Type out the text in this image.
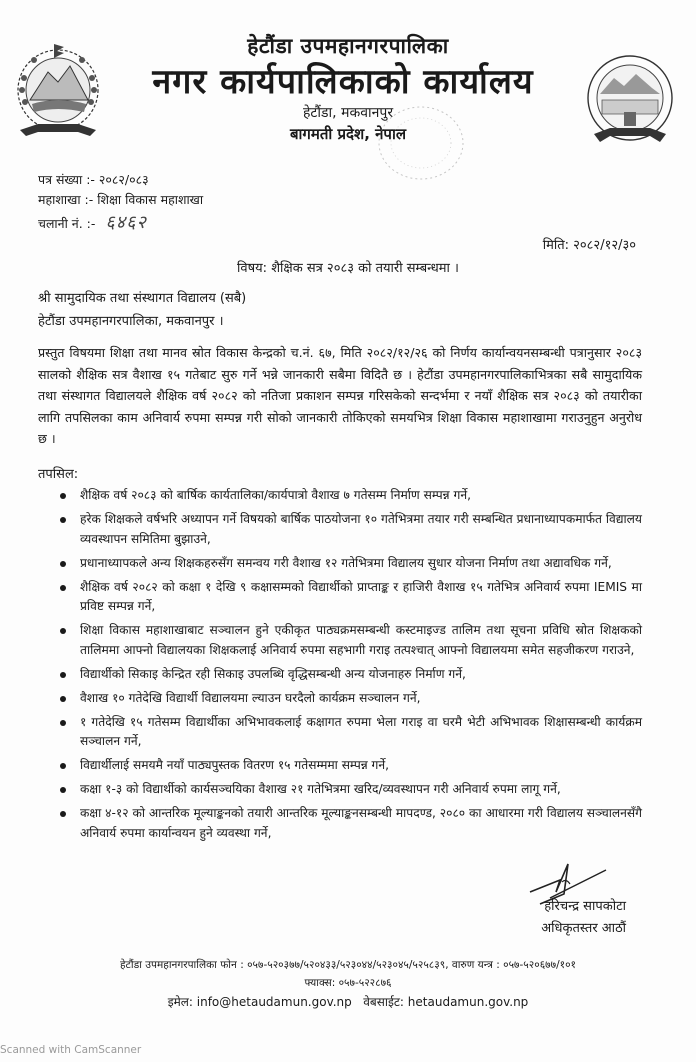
हेटौंडा उपमहानगरपालिका
नगर कार्यपालिकाको कार्यालय
हेटौंडा, मकवानपुर
बागमती प्रदेश, नेपाल
पत्र संख्या :- २०८२/०८३
महाशाखा :- शिक्षा विकास महाशाखा
चलानी नं. :- ६४६२
मिति: २०८२/१२/३०
विषय: शैक्षिक सत्र २०८३ को तयारी सम्बन्धमा ।
श्री सामुदायिक तथा संस्थागत विद्यालय (सबै)
हेटौंडा उपमहानगरपालिका, मकवानपुर ।
प्रस्तुत विषयमा शिक्षा तथा मानव स्रोत विकास केन्द्रको च.नं. ६७, मिति २०८२/१२/२६ को निर्णय कार्यान्वयनसम्बन्धी पत्रानुसार २०८३ सालको शैक्षिक सत्र वैशाख १५ गतेबाट सुरु गर्ने भन्ने जानकारी सबैमा विदितै छ । हेटौंडा उपमहानगरपालिकाभित्रका सबै सामुदायिक तथा संस्थागत विद्यालयले शैक्षिक वर्ष २०८२ को नतिजा प्रकाशन सम्पन्न गरिसकेको सन्दर्भमा र नयाँ शैक्षिक सत्र २०८३ को तयारीका लागि तपसिलका काम अनिवार्य रुपमा सम्पन्न गरी सोको जानकारी तोकिएको समयभित्र शिक्षा विकास महाशाखामा गराउनुहुन अनुरोध छ ।
तपसिल:
शैक्षिक वर्ष २०८३ को बार्षिक कार्यतालिका/कार्यपात्रो वैशाख ७ गतेसम्म निर्माण सम्पन्न गर्ने,
हरेक शिक्षकले वर्षभरि अध्यापन गर्ने विषयको बार्षिक पाठयोजना १० गतेभित्रमा तयार गरी सम्बन्धित प्रधानाध्यापकमार्फत विद्यालय व्यवस्थापन समितिमा बुझाउने,
प्रधानाध्यापकले अन्य शिक्षकहरुसँग समन्वय गरी वैशाख १२ गतेभित्रमा विद्यालय सुधार योजना निर्माण तथा अद्यावधिक गर्ने,
शैक्षिक वर्ष २०८२ को कक्षा १ देखि ९ कक्षासम्मको विद्यार्थीको प्राप्ताङ्क र हाजिरी वैशाख १५ गतेभित्र अनिवार्य रुपमा IEMIS मा प्रविष्ट सम्पन्न गर्ने,
शिक्षा विकास महाशाखाबाट सञ्चालन हुने एकीकृत पाठ्यक्रमसम्बन्धी कस्टमाइज्ड तालिम तथा सूचना प्रविधि स्रोत शिक्षकको तालिममा आफ्नो विद्यालयका शिक्षकलाई अनिवार्य रुपमा सहभागी गराइ तत्पश्चात् आफ्नो विद्यालयमा समेत सहजीकरण गराउने,
विद्यार्थीको सिकाइ केन्द्रित रही सिकाइ उपलब्धि वृद्धिसम्बन्धी अन्य योजनाहरु निर्माण गर्ने,
वैशाख १० गतेदेखि विद्यार्थी विद्यालयमा ल्याउन घरदैलो कार्यक्रम सञ्चालन गर्ने,
१ गतेदेखि १५ गतेसम्म विद्यार्थीका अभिभावकलाई कक्षागत रुपमा भेला गराइ वा घरमै भेटी अभिभावक शिक्षासम्बन्धी कार्यक्रम सञ्चालन गर्ने,
विद्यार्थीलाई समयमै नयाँ पाठ्यपुस्तक वितरण १५ गतेसम्ममा सम्पन्न गर्ने,
कक्षा १-३ को विद्यार्थीको कार्यसञ्चयिका वैशाख २१ गतेभित्रमा खरिद/व्यवस्थापन गरी अनिवार्य रुपमा लागू गर्ने,
कक्षा ४-१२ को आन्तरिक मूल्याङ्कनको तयारी आन्तरिक मूल्याङ्कनसम्बन्धी मापदण्ड, २०८० का आधारमा गरी विद्यालय सञ्चालनसँगै अनिवार्य रुपमा कार्यान्वयन हुने व्यवस्था गर्ने,
हरिचन्द्र सापकोटा
अधिकृतस्तर आठौं
हेटौंडा उपमहानगरपालिका फोन : ०५७-५२०३७७/५२०४३३/५२३०४४/५२३०४५/५२५८३९, वारुण यन्त्र : ०५७-५२०६७७/१०१
फ्याक्स: ०५७-५२२८७६
इमेल: info@hetaudamun.gov.np वेबसाईट: hetaudamun.gov.np
Scanned with CamScanner
